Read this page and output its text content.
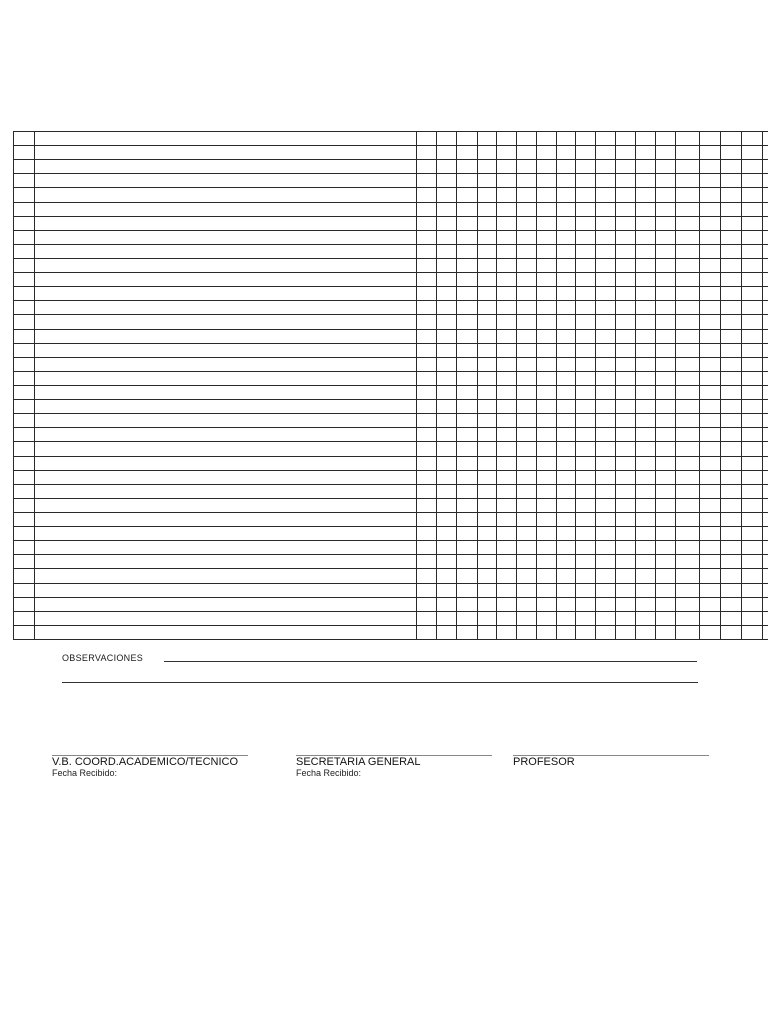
OBSERVACIONES
V.B. COORD.ACADEMICO/TECNICO
Fecha Recibido:
SECRETARIA GENERAL
Fecha Recibido:
PROFESOR
